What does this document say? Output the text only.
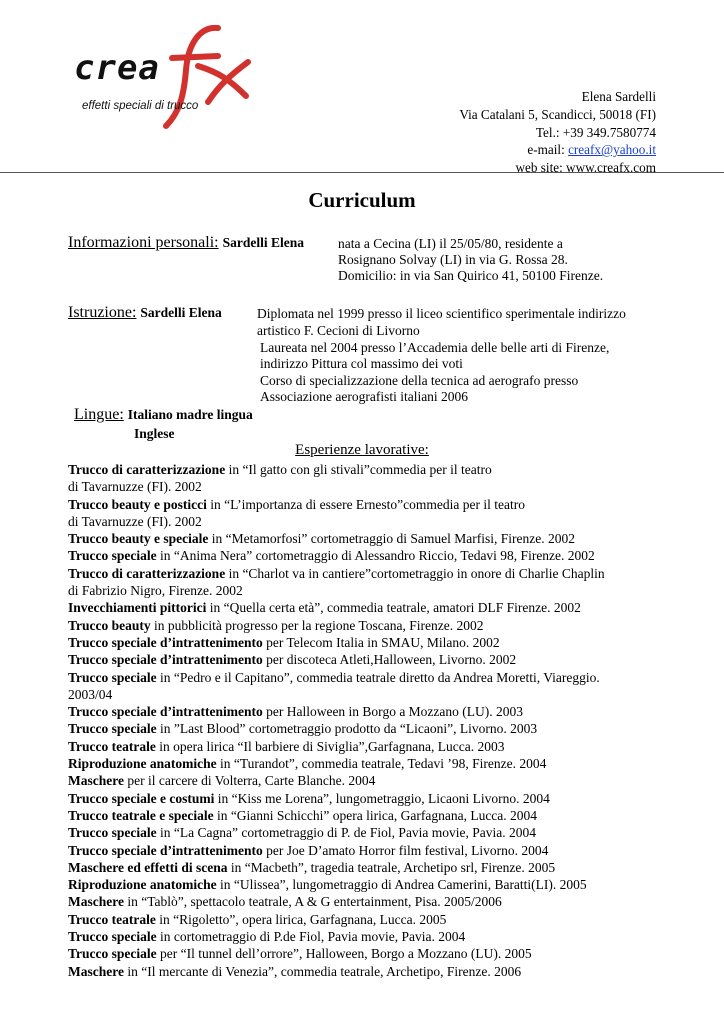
crea
effetti speciali di trucco
Elena Sardelli
Via Catalani 5, Scandicci, 50018 (FI)
Tel.: +39 349.7580774
e-mail: creafx@yahoo.it
web site: www.creafx.com
Curriculum
Informazioni personali: Sardelli Elena	nata a Cecina (LI) il 25/05/80, residente a
Rosignano Solvay (LI) in via G. Rossa 28.
Domicilio: in via San Quirico 41, 50100 Firenze.
Istruzione: Sardelli Elena	Diplomata nel 1999 presso il liceo scientifico sperimentale indirizzo
artistico F. Cecioni di Livorno
Laureata nel 2004 presso l’Accademia delle belle arti di Firenze,
indirizzo Pittura col massimo dei voti
Corso di specializzazione della tecnica ad aerografo presso
Associazione aerografisti italiani 2006
Lingue: Italiano madre lingua
Inglese
Esperienze lavorative:
Trucco di caratterizzazione in “Il gatto con gli stivali”commedia per il teatro
di Tavarnuzze (FI). 2002
Trucco beauty e posticci in “L’importanza di essere Ernesto”commedia per il teatro
di Tavarnuzze (FI). 2002
Trucco beauty e speciale in “Metamorfosi” cortometraggio di Samuel Marfisi, Firenze. 2002
Trucco speciale in “Anima Nera” cortometraggio di Alessandro Riccio, Tedavi 98, Firenze. 2002
Trucco di caratterizzazione in “Charlot va in cantiere”cortometraggio in onore di Charlie Chaplin
di Fabrizio Nigro, Firenze. 2002
Invecchiamenti pittorici in “Quella certa età”, commedia teatrale, amatori DLF Firenze. 2002
Trucco beauty in pubblicità progresso per la regione Toscana, Firenze. 2002
Trucco speciale d’intrattenimento per Telecom Italia in SMAU, Milano. 2002
Trucco speciale d’intrattenimento per discoteca Atleti,Halloween, Livorno. 2002
Trucco speciale in “Pedro e il Capitano”, commedia teatrale diretto da Andrea Moretti, Viareggio.
2003/04
Trucco speciale d’intrattenimento per Halloween in Borgo a Mozzano (LU). 2003
Trucco speciale in ”Last Blood” cortometraggio prodotto da “Licaoni”, Livorno. 2003
Trucco teatrale in opera lirica “Il barbiere di Siviglia”,Garfagnana, Lucca. 2003
Riproduzione anatomiche in “Turandot”, commedia teatrale, Tedavi ’98, Firenze. 2004
Maschere per il carcere di Volterra, Carte Blanche. 2004
Trucco speciale e costumi in “Kiss me Lorena”, lungometraggio, Licaoni Livorno. 2004
Trucco teatrale e speciale in “Gianni Schicchi” opera lirica, Garfagnana, Lucca. 2004
Trucco speciale in “La Cagna” cortometraggio di P. de Fiol, Pavia movie, Pavia. 2004
Trucco speciale d’intrattenimento per Joe D’amato Horror film festival, Livorno. 2004
Maschere ed effetti di scena in “Macbeth”, tragedia teatrale, Archetipo srl, Firenze. 2005
Riproduzione anatomiche in “Ulissea”, lungometraggio di Andrea Camerini, Baratti(LI). 2005
Maschere in “Tablò”, spettacolo teatrale, A & G entertainment, Pisa. 2005/2006
Trucco teatrale in “Rigoletto”, opera lirica, Garfagnana, Lucca. 2005
Trucco speciale in cortometraggio di P.de Fiol, Pavia movie, Pavia. 2004
Trucco speciale per “Il tunnel dell’orrore”, Halloween, Borgo a Mozzano (LU). 2005
Maschere in “Il mercante di Venezia”, commedia teatrale, Archetipo, Firenze. 2006
